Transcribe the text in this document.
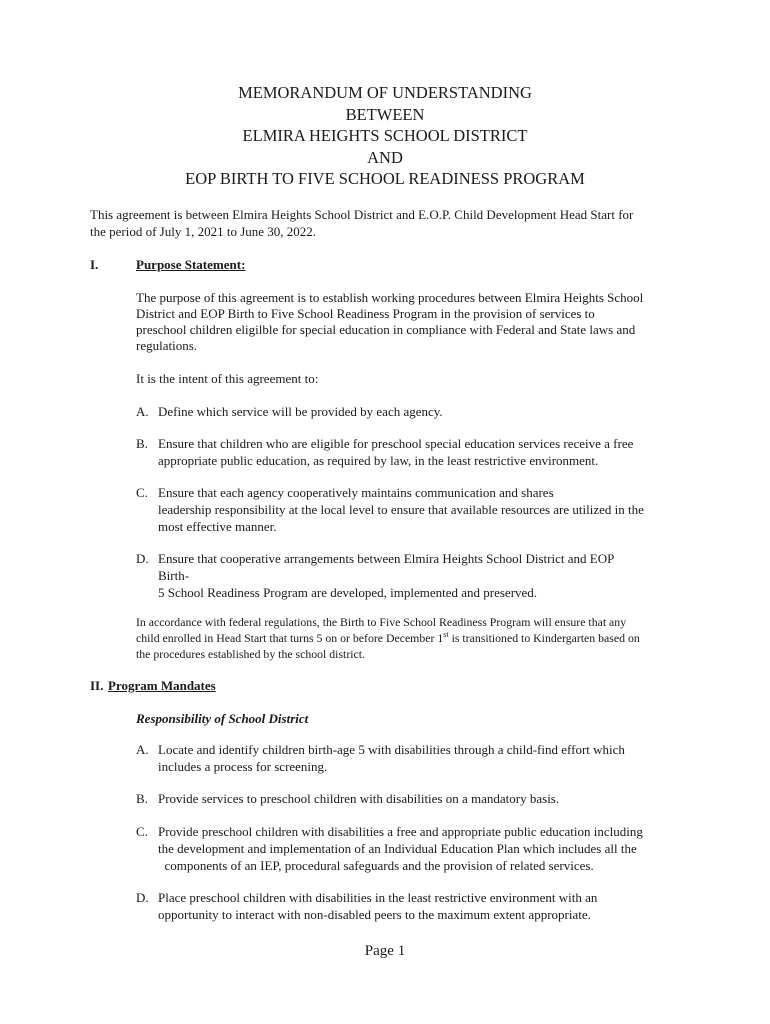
MEMORANDUM OF UNDERSTANDING
BETWEEN
ELMIRA HEIGHTS SCHOOL DISTRICT
AND
EOP BIRTH TO FIVE SCHOOL READINESS PROGRAM
This agreement is between Elmira Heights School District and E.O.P. Child Development Head Start for
the period of July 1, 2021 to June 30, 2022.
I.	Purpose Statement:
The purpose of this agreement is to establish working procedures between Elmira Heights School
District and EOP Birth to Five School Readiness Program in the provision of services to
preschool children eligilble for special education in compliance with Federal and State laws and
regulations.
It is the intent of this agreement to:
A. Define which service will be provided by each agency.
B. Ensure that children who are eligible for preschool special education services receive a free
appropriate public education, as required by law, in the least restrictive environment.
C. Ensure that each agency cooperatively maintains communication and shares
leadership responsibility at the local level to ensure that available resources are utilized in the
most effective manner.
D. Ensure that cooperative arrangements between Elmira Heights School District and EOP
Birth-
5 School Readiness Program are developed, implemented and preserved.
In accordance with federal regulations, the Birth to Five School Readiness Program will ensure that any
child enrolled in Head Start that turns 5 on or before December 1st is transitioned to Kindergarten based on
the procedures established by the school district.
II. Program Mandates
Responsibility of School District
A. Locate and identify children birth-age 5 with disabilities through a child-find effort which
includes a process for screening.
B. Provide services to preschool children with disabilities on a mandatory basis.
C. Provide preschool children with disabilities a free and appropriate public education including
the development and implementation of an Individual Education Plan which includes all the
components of an IEP, procedural safeguards and the provision of related services.
D. Place preschool children with disabilities in the least restrictive environment with an
opportunity to interact with non-disabled peers to the maximum extent appropriate.
Page 1
